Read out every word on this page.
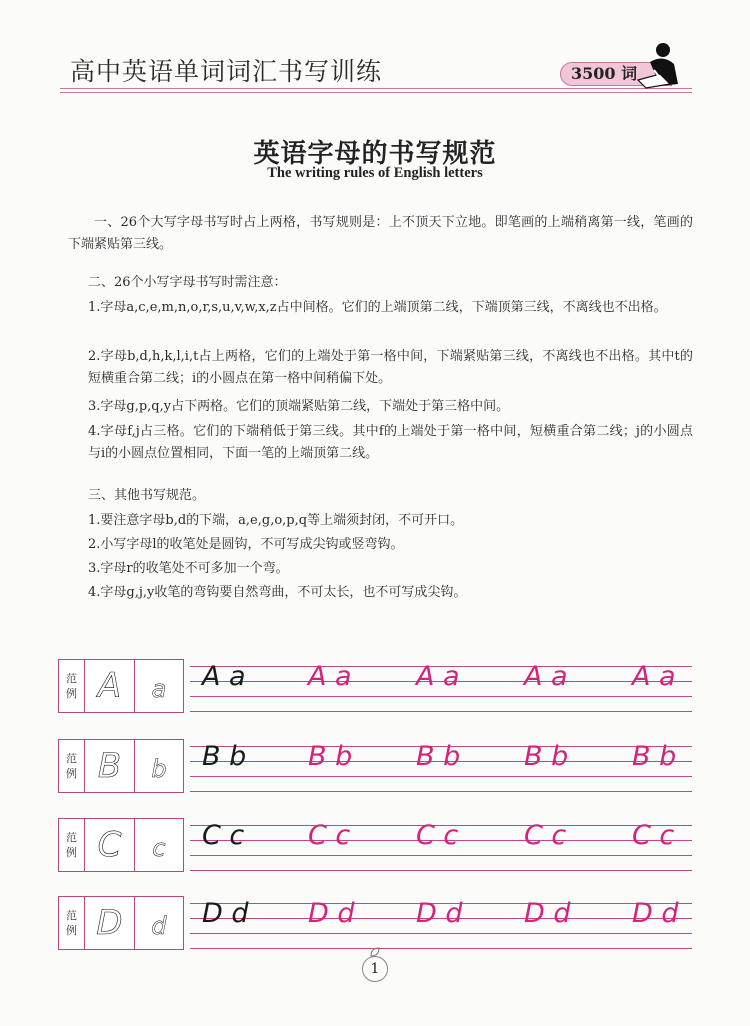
高中英语单词词汇书写训练	3500 词
英语字母的书写规范
The writing rules of English letters

一、26个大写字母书写时占上两格，书写规则是：上不顶天下立地。即笔画的上端稍离第一线，笔画的下端紧贴第三线。

二、26个小写字母书写时需注意：

1.字母a,c,e,m,n,o,r,s,u,v,w,x,z占中间格。它们的上端顶第二线，下端顶第三线，不离线也不出格。

2.字母b,d,h,k,l,i,t占上两格，它们的上端处于第一格中间，下端紧贴第三线，不离线也不出格。其中t的短横重合第二线；i的小圆点在第一格中间稍偏下处。

3.字母g,p,q,y占下两格。它们的顶端紧贴第二线，下端处于第三格中间。

4.字母f,j占三格。它们的下端稍低于第三线。其中f的上端处于第一格中间，短横重合第二线；j的小圆点与i的小圆点位置相同，下面一笔的上端顶第二线。

三、其他书写规范。

1.要注意字母b,d的下端，a,e,g,o,p,q等上端须封闭，不可开口。

2.小写字母l的收笔处是圆钩，不可写成尖钩或竖弯钩。

3.字母r的收笔处不可多加一个弯。

4.字母g,j,y收笔的弯钩要自然弯曲，不可太长，也不可写成尖钩。

范
例 A	a	A a A a A a A a A a
范
例 B	b	B b B b B b B b B b
范
例 C	c	C c C c C c C c C c
范
例 D	d	D d D d D d D d D d
1
